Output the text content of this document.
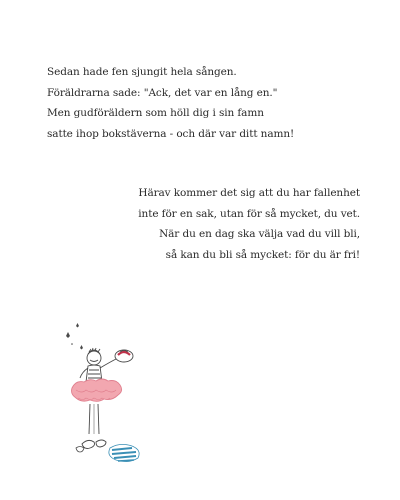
Sedan hade fen sjungit hela sången.
Föräldrarna sade: "Ack, det var en lång en."
Men gudföräldern som höll dig i sin famn
satte ihop bokstäverna - och där var ditt namn!
Härav kommer det sig att du har fallenhet
inte för en sak, utan för så mycket, du vet.
När du en dag ska välja vad du vill bli,
så kan du bli så mycket: för du är fri!
